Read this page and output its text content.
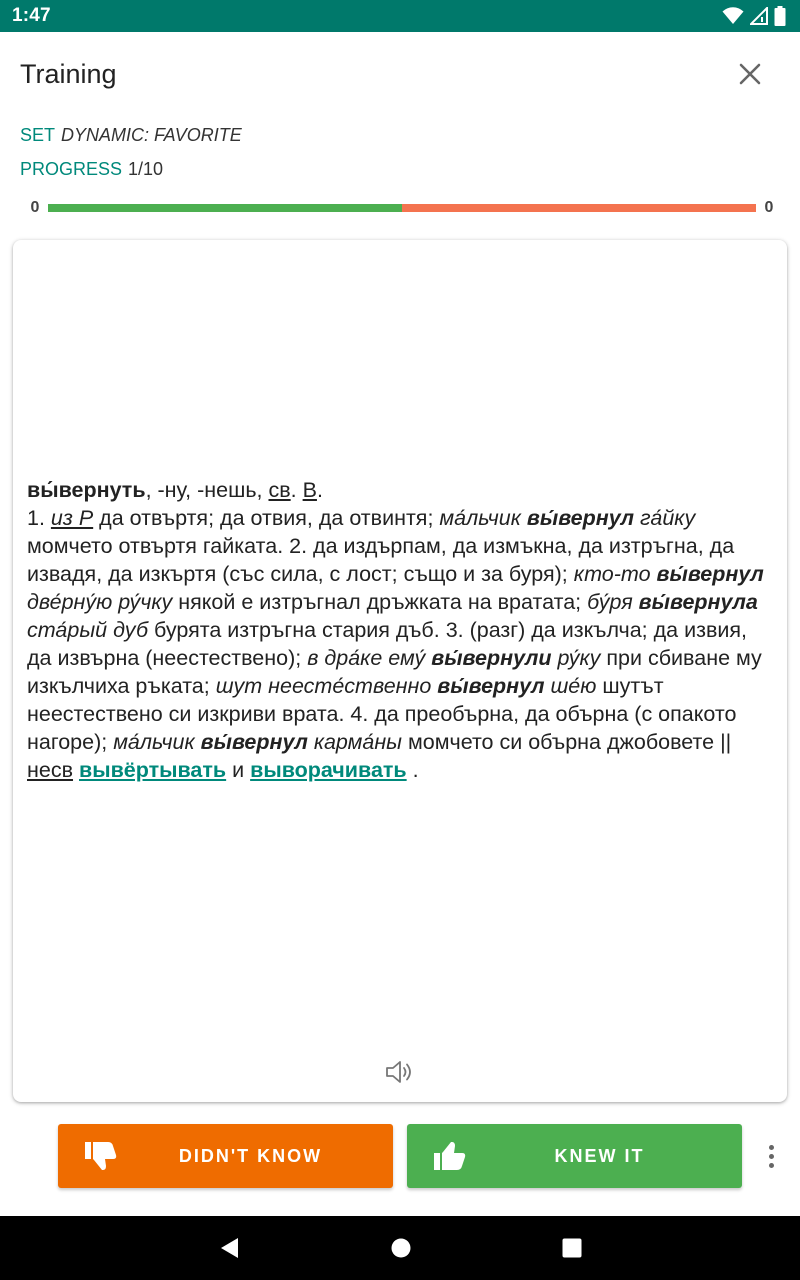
1:47
Training
SET DYNAMIC: FAVORITE
PROGRESS 1/10
0	0

вы́вернуть, -ну, -нешь, св. В.
1. из Р да отвъртя; да отвия, да отвинтя; ма́льчик вы́вернул га́йку момчето отвъртя гайката. 2. да издърпам, да измъкна, да изтръгна, да извадя, да изкъртя (със сила, с лост; също и за буря); кто-то вы́вернул две́рну́ю ру́чку някой е изтръгнал дръжката на вратата; бу́ря вы́вернула ста́рый дуб бурята изтръгна стария дъб. 3. (разг) да изкълча; да извия, да извърна (неестествено); в дра́ке ему́ вы́вернули ру́ку при сбиване му изкълчиха ръката; шут неесте́ственно вы́вернул ше́ю шутът неестествено си изкриви врата. 4. да преобърна, да обърна (с опакото нагоре); ма́льчик вы́вернул карма́ны момчето си обърна джобовете || несв вывёртывать и выворачивать .

DIDN'T KNOW	KNEW IT
